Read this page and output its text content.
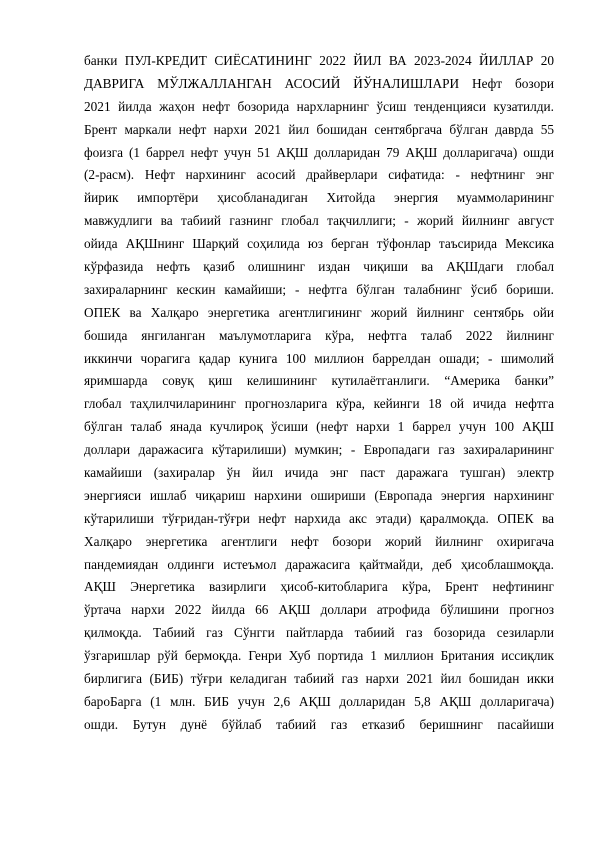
банки ПУЛ-КРЕДИТ СИЁСАТИНИНГ 2022 ЙИЛ ВА 2023-2024 ЙИЛЛАР 20
ДАВРИГА МЎЛЖАЛЛАНГАН АСОСИЙ ЙЎНАЛИШЛАРИ Нефт бозори
2021 йилда жаҳон нефт бозорида нархларнинг ўсиш тенденцияси кузатилди.
Брент маркали нефт нархи 2021 йил бошидан сентябргача бўлган даврда 55
фоизга (1 баррел нефт учун 51 АҚШ долларидан 79 АҚШ долларигача) ошди
(2-расм). Нефт нархининг асосий драйверлари сифатида: - нефтнинг энг
йирик импортёри ҳисобланадиган Хитойда энергия муаммоларининг
мавжудлиги ва табиий газнинг глобал тақчиллиги; - жорий йилнинг август
ойида АҚШнинг Шарқий соҳилида юз берган тўфонлар таъсирида Мексика
кўрфазида нефть қазиб олишнинг издан чиқиши ва АҚШдаги глобал
захираларнинг кескин камайиши; - нефтга бўлган талабнинг ўсиб бориши.
ОПЕК ва Халқаро энергетика агентлигининг жорий йилнинг сентябрь ойи
бошида янгиланган маълумотларига кўра, нефтга талаб 2022 йилнинг
иккинчи чорагига қадар кунига 100 миллион баррелдан ошади; - шимолий
яримшарда совуқ қиш келишининг кутилаётганлиги. “Америка банки”
глобал таҳлилчиларининг прогнозларига кўра, кейинги 18 ой ичида нефтга
бўлган талаб янада кучлироқ ўсиши (нефт нархи 1 баррел учун 100 АҚШ
доллари даражасига кўтарилиши) мумкин; - Европадаги газ захираларининг
камайиши (захиралар ўн йил ичида энг паст даражага тушган) электр
энергияси ишлаб чиқариш нархини ошириши (Европада энергия нархининг
кўтарилиши тўғридан-тўғри нефт нархида акс этади) қаралмоқда. ОПЕК ва
Халқаро энергетика агентлиги нефт бозори жорий йилнинг охиригача
пандемиядан олдинги истеъмол даражасига қайтмайди, деб ҳисоблашмоқда.
АҚШ Энергетика вазирлиги ҳисоб-китобларига кўра, Брент нефтининг
ўртача нархи 2022 йилда 66 АҚШ доллари атрофида бўлишини прогноз
қилмоқда. Табиий газ Сўнгги пайтларда табиий газ бозорида сезиларли
ўзгаришлар рўй бермоқда. Генри Хуб портида 1 миллион Британия иссиқлик
бирлигига (БИБ) тўғри келадиган табиий газ нархи 2021 йил бошидан икки
бароБарга (1 млн. БИБ учун 2,6 АҚШ долларидан 5,8 АҚШ долларигача)
ошди. Бутун дунё бўйлаб табиий газ етказиб беришнинг пасайиши
